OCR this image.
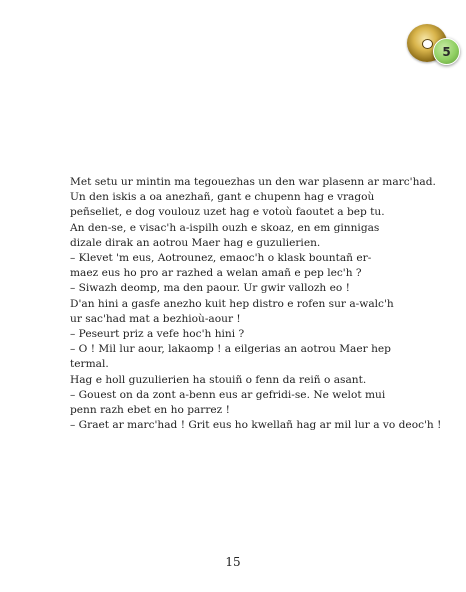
5
Met setu ur mintin ma tegouezhas un den war plasenn ar marc'had.
Un den iskis a oa anezhañ, gant e chupenn hag e vragoù
peñseliet, e dog voulouz uzet hag e votoù faoutet a bep tu.
An den-se, e visac'h a-ispilh ouzh e skoaz, en em ginnigas
dizale dirak an aotrou Maer hag e guzulierien.
– Klevet 'm eus, Aotrounez, emaoc'h o klask bountañ er-
maez eus ho pro ar razhed a welan amañ e pep lec'h ?
– Siwazh deomp, ma den paour. Ur gwir vallozh eo !
D'an hini a gasfe anezho kuit hep distro e rofen sur a-walc'h
ur sac'had mat a bezhioù-aour !
– Peseurt priz a vefe hoc'h hini ?
– O ! Mil lur aour, lakaomp ! a eilgerias an aotrou Maer hep
termal.
Hag e holl guzulierien ha stouiñ o fenn da reiñ o asant.
– Gouest on da zont a-benn eus ar gefridi-se. Ne welot mui
penn razh ebet en ho parrez !
– Graet ar marc'had ! Grit eus ho kwellañ hag ar mil lur a vo deoc'h !
15
